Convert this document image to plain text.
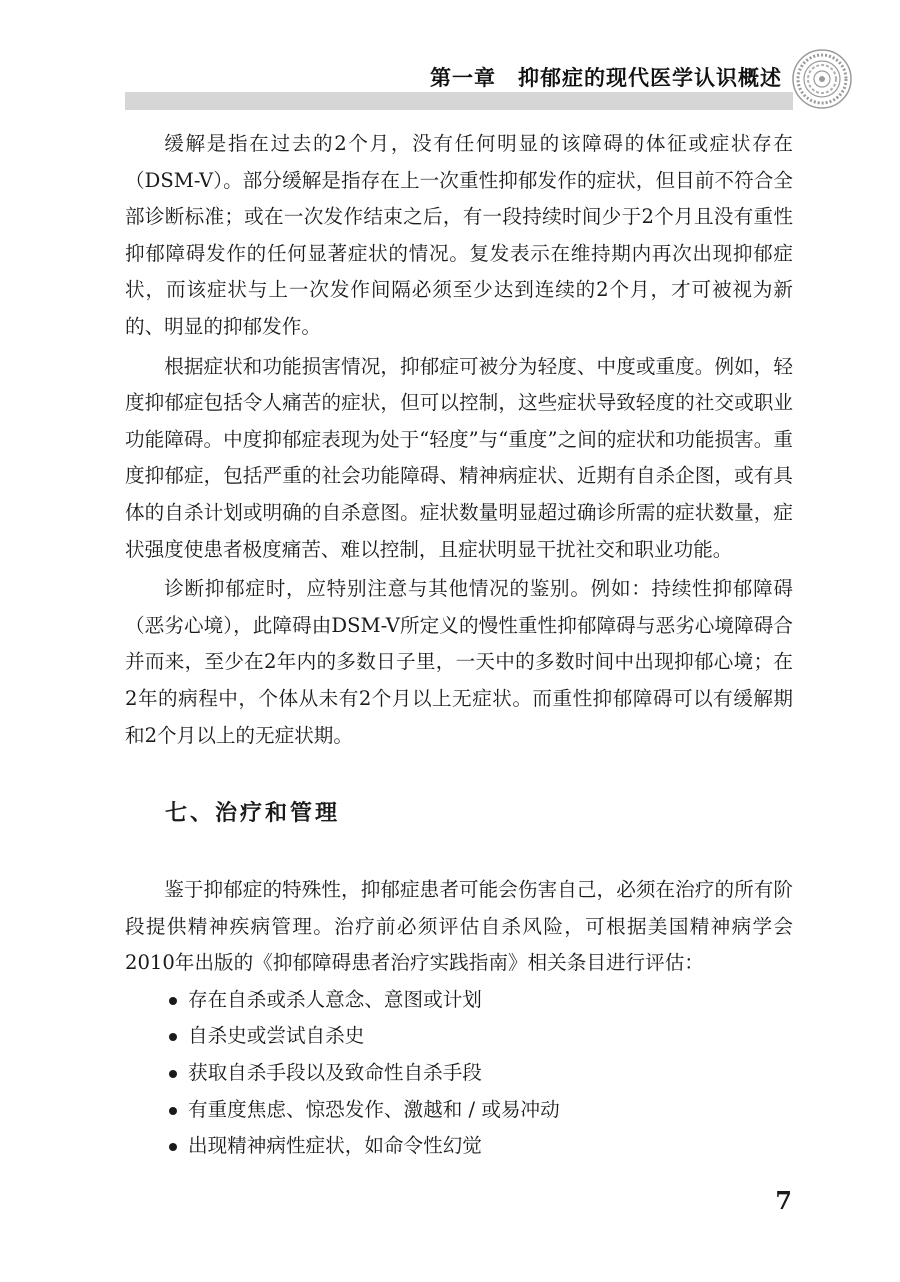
第一章　抑郁症的现代医学认识概述

缓解是指在过去的2个月，没有任何明显的该障碍的体征或症状存在（DSM-V）。部分缓解是指存在上一次重性抑郁发作的症状，但目前不符合全部诊断标准；或在一次发作结束之后，有一段持续时间少于2个月且没有重性抑郁障碍发作的任何显著症状的情况。复发表示在维持期内再次出现抑郁症状，而该症状与上一次发作间隔必须至少达到连续的2个月，才可被视为新的、明显的抑郁发作。

根据症状和功能损害情况，抑郁症可被分为轻度、中度或重度。例如，轻度抑郁症包括令人痛苦的症状，但可以控制，这些症状导致轻度的社交或职业功能障碍。中度抑郁症表现为处于“轻度”与“重度”之间的症状和功能损害。重度抑郁症，包括严重的社会功能障碍、精神病症状、近期有自杀企图，或有具体的自杀计划或明确的自杀意图。症状数量明显超过确诊所需的症状数量，症状强度使患者极度痛苦、难以控制，且症状明显干扰社交和职业功能。

诊断抑郁症时，应特别注意与其他情况的鉴别。例如：持续性抑郁障碍（恶劣心境），此障碍由DSM-V所定义的慢性重性抑郁障碍与恶劣心境障碍合并而来，至少在2年内的多数日子里，一天中的多数时间中出现抑郁心境；在2年的病程中，个体从未有2个月以上无症状。而重性抑郁障碍可以有缓解期和2个月以上的无症状期。

七、治疗和管理

鉴于抑郁症的特殊性，抑郁症患者可能会伤害自己，必须在治疗的所有阶段提供精神疾病管理。治疗前必须评估自杀风险，可根据美国精神病学会2010年出版的《抑郁障碍患者治疗实践指南》相关条目进行评估：

存在自杀或杀人意念、意图或计划
自杀史或尝试自杀史
获取自杀手段以及致命性自杀手段
有重度焦虑、惊恐发作、激越和 / 或易冲动
出现精神病性症状，如命令性幻觉
7
